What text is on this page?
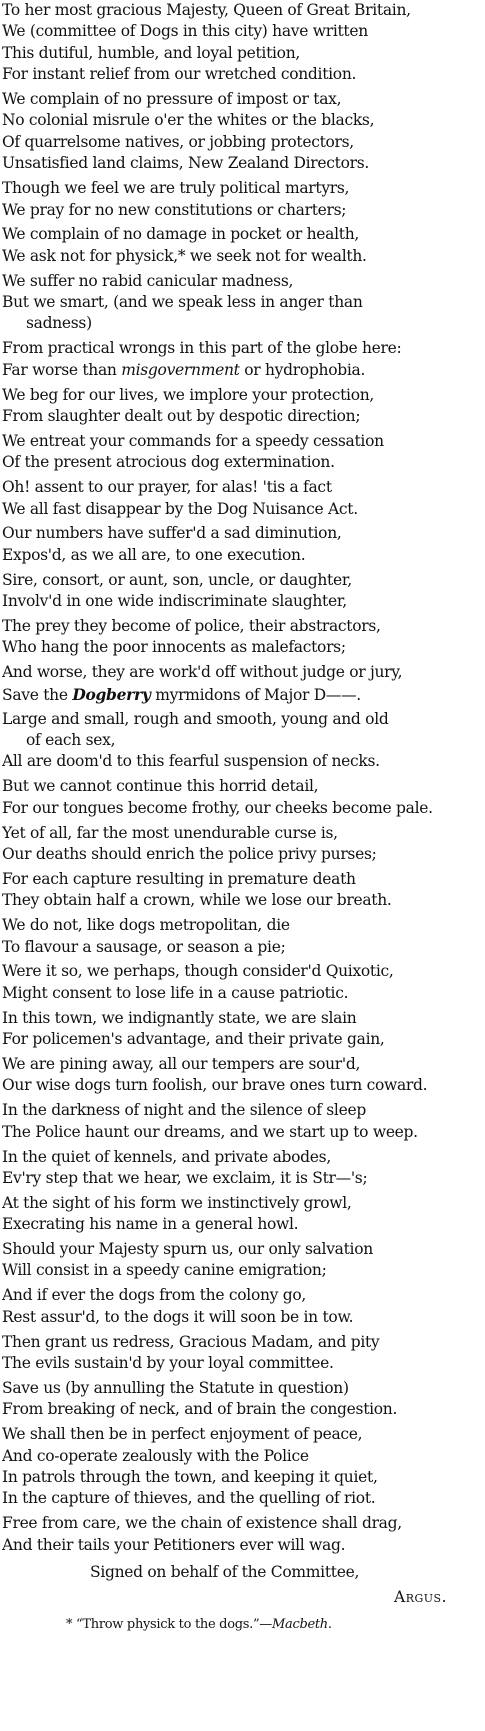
To her most gracious Majesty, Queen of Great Britain,
We (committee of Dogs in this city) have written
This dutiful, humble, and loyal petition,
For instant relief from our wretched condition.
We complain of no pressure of impost or tax,
No colonial misrule o'er the whites or the blacks,
Of quarrelsome natives, or jobbing protectors,
Unsatisfied land claims, New Zealand Directors.
Though we feel we are truly political martyrs,
We pray for no new constitutions or charters;
We complain of no damage in pocket or health,
We ask not for physick,* we seek not for wealth.
We suffer no rabid canicular madness,
But we smart, (and we speak less in anger than
sadness)
From practical wrongs in this part of the globe here:
Far worse than misgovernment or hydrophobia.
We beg for our lives, we implore your protection,
From slaughter dealt out by despotic direction;
We entreat your commands for a speedy cessation
Of the present atrocious dog extermination.
Oh! assent to our prayer, for alas! 'tis a fact
We all fast disappear by the Dog Nuisance Act.
Our numbers have suffer'd a sad diminution,
Expos'd, as we all are, to one execution.
Sire, consort, or aunt, son, uncle, or daughter,
Involv'd in one wide indiscriminate slaughter,
The prey they become of police, their abstractors,
Who hang the poor innocents as malefactors;
And worse, they are work'd off without judge or jury,
Save the Dogberry myrmidons of Major D——.
Large and small, rough and smooth, young and old
of each sex,
All are doom'd to this fearful suspension of necks.
But we cannot continue this horrid detail,
For our tongues become frothy, our cheeks become pale.
Yet of all, far the most unendurable curse is,
Our deaths should enrich the police privy purses;
For each capture resulting in premature death
They obtain half a crown, while we lose our breath.
We do not, like dogs metropolitan, die
To flavour a sausage, or season a pie;
Were it so, we perhaps, though consider'd Quixotic,
Might consent to lose life in a cause patriotic.
In this town, we indignantly state, we are slain
For policemen's advantage, and their private gain,
We are pining away, all our tempers are sour'd,
Our wise dogs turn foolish, our brave ones turn coward.
In the darkness of night and the silence of sleep
The Police haunt our dreams, and we start up to weep.
In the quiet of kennels, and private abodes,
Ev'ry step that we hear, we exclaim, it is Str—'s;
At the sight of his form we instinctively growl,
Execrating his name in a general howl.
Should your Majesty spurn us, our only salvation
Will consist in a speedy canine emigration;
And if ever the dogs from the colony go,
Rest assur'd, to the dogs it will soon be in tow.
Then grant us redress, Gracious Madam, and pity
The evils sustain'd by your loyal committee.
Save us (by annulling the Statute in question)
From breaking of neck, and of brain the congestion.
We shall then be in perfect enjoyment of peace,
And co-operate zealously with the Police
In patrols through the town, and keeping it quiet,
In the capture of thieves, and the quelling of riot.
Free from care, we the chain of existence shall drag,
And their tails your Petitioners ever will wag.
Signed on behalf of the Committee,
Argus.
* “Throw physick to the dogs.”—Macbeth.
